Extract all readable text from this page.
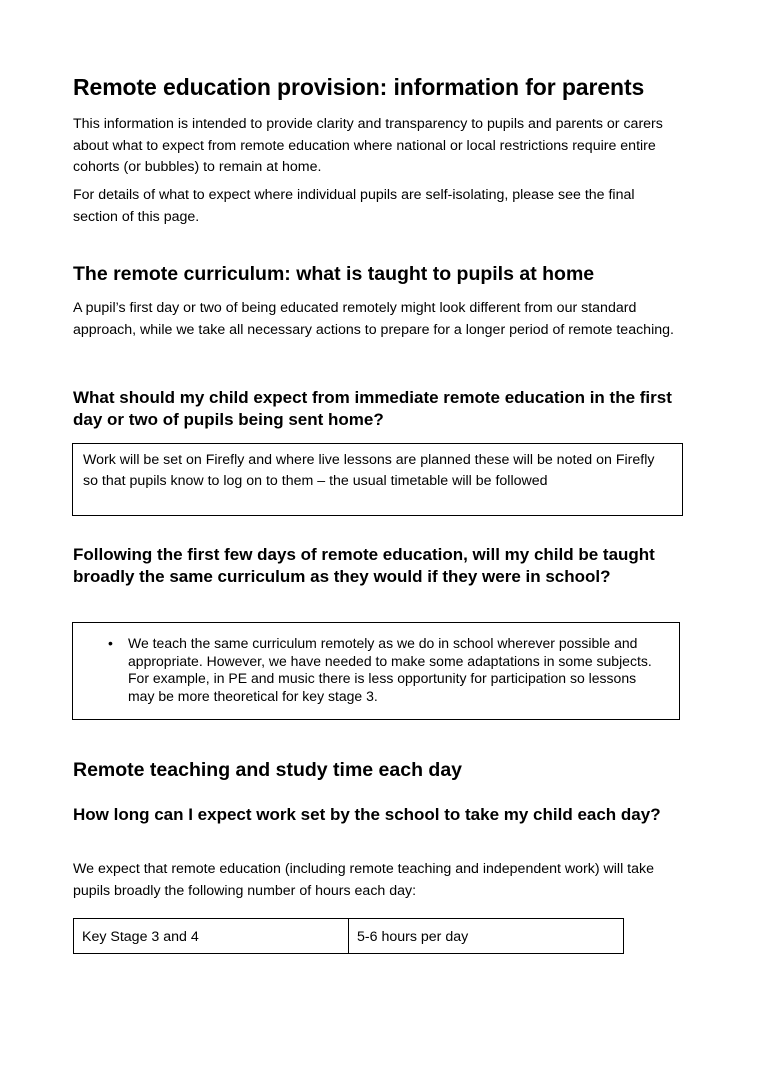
Remote education provision: information for parents

This information is intended to provide clarity and transparency to pupils and parents or carers about what to expect from remote education where national or local restrictions require entire cohorts (or bubbles) to remain at home.

For details of what to expect where individual pupils are self-isolating, please see the final section of this page.

The remote curriculum: what is taught to pupils at home

A pupil’s first day or two of being educated remotely might look different from our standard approach, while we take all necessary actions to prepare for a longer period of remote teaching.

What should my child expect from immediate remote education in the first day or two of pupils being sent home?

Work will be set on Firefly and where live lessons are planned these will be noted on Firefly so that pupils know to log on to them – the usual timetable will be followed

Following the first few days of remote education, will my child be taught broadly the same curriculum as they would if they were in school?
• We teach the same curriculum remotely as we do in school wherever possible and appropriate. However, we have needed to make some adaptations in some subjects. For example, in PE and music there is less opportunity for participation so lessons may be more theoretical for key stage 3.
Remote teaching and study time each day
How long can I expect work set by the school to take my child each day?

We expect that remote education (including remote teaching and independent work) will take pupils broadly the following number of hours each day:

Key Stage 3 and 4	5-6 hours per day
